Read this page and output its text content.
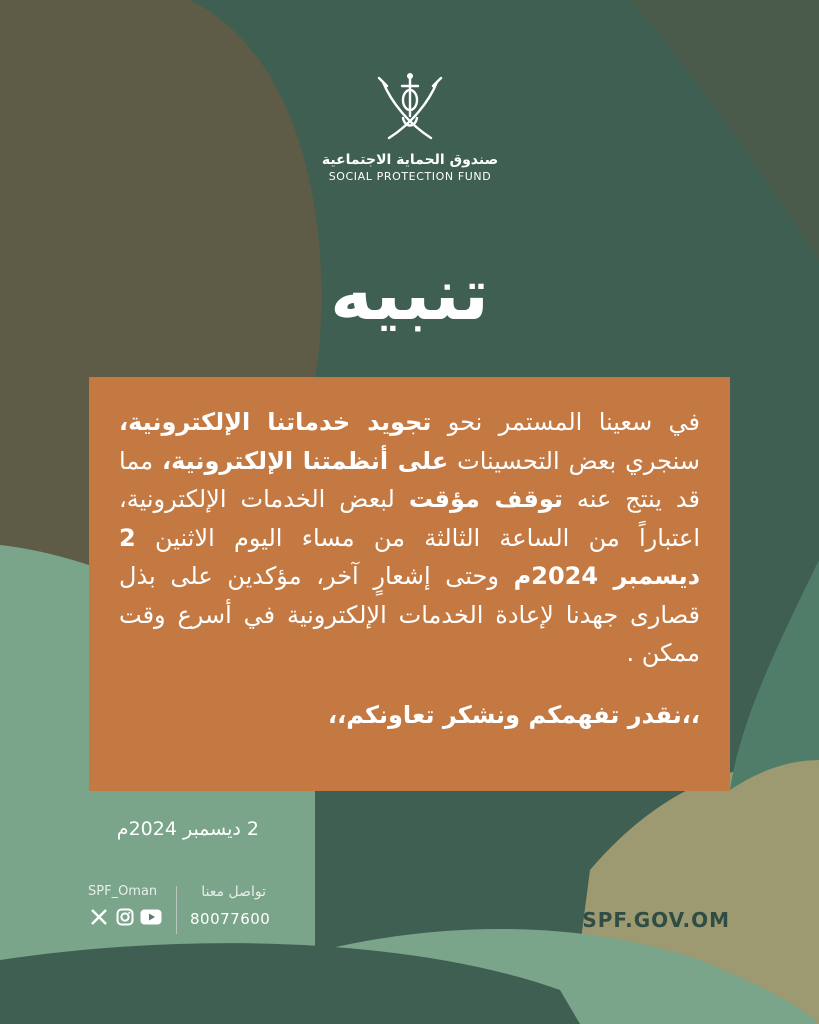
صندوق الحماية الاجتماعية
SOCIAL PROTECTION FUND
تنبيه
في سعينا المستمر نحو تجويد خدماتنا الإلكترونية، سنجري بعض التحسينات على أنظمتنا الإلكترونية، مما قد ينتج عنه توقف مؤقت لبعض الخدمات الإلكترونية، اعتباراً من الساعة الثالثة من مساء اليوم الاثنين 2 ديسمبر 2024م وحتى إشعارٍ آخر، مؤكدين على بذل قصارى جهدنا لإعادة الخدمات الإلكترونية في أسرع وقت ممكن .
،،نقدر تفهمكم ونشكر تعاونكم،،
2 ديسمبر 2024م
SPF_Oman	تواصل معنا
80077600	SPF.GOV.OM
